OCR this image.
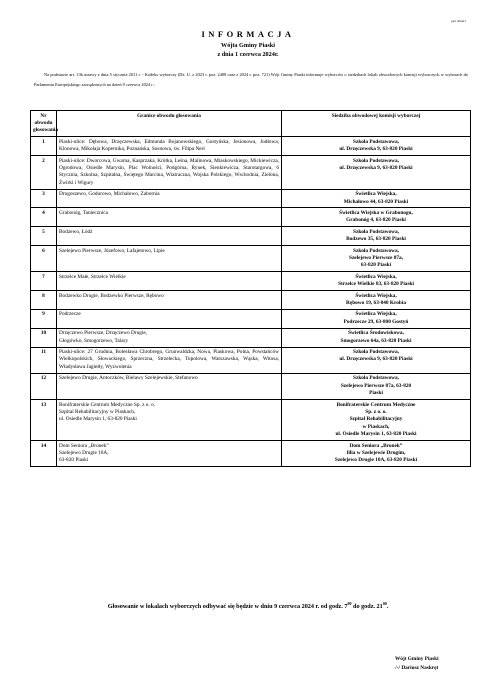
ppr. Posk1
INFORMACJA
Wójta Gminy Piaski
z dnia 1 czerwca 2024r.
Na podstawie art. 13b ustawy z dnia 5 stycznia 2011 r. - Kodeks wyborczy (Dz. U. z 2023 r. poz. 2408 oraz z 2024 r. poz. 721) Wójt Gminy Piaski informuje wyborców o siedzibach lokali obwodowych komisji wyborczych w wyborach do Parlamentu Europejskiego zarządzonych na dzień 9 czerwca 2024 r.:
Nr obwodu głosowania	Granice obwodu głosowania	Siedziba obwodowej komisji wyborczej
1	Piaski-ulice: Dębowa, Drzęczewska, Edmunda Bojanowskiego, Gostyńska, Jesionowa, Jodłowa, Klonowa, Mikołaja Kopernika, Poznańska, Sosnowa, św. Filipa Neri	Szkoła Podstawowa,
ul. Drzęczewska 9, 63-820 Piaski

2	Piaski-ulice: Dworcowa, Gwarna, Kasprzaka, Krótka, Leśna, Malinowa, Miaskowskiego, Mickiewicza, Ogrodowa, Osiedle Marysin, Plac Wolności, Podgórna, Rynek, Sienkiewicza, Starotargowa, 6 Stycznia, Szkolna, Szpitalna, Świętego Marcina, Wiatraczna, Wojska Polskiego, Wschodnia, Zielona, Żwirki i Wigury	Szkoła Podstawowa,
ul. Drzęczewska 9, 63-820 Piaski

3	Drogoszewo, Godurowo, Michałowo, Zabornia	Świetlica Wiejska,
Michałowo 44, 63-820 Piaski

4	Grabonóg, Taniecznica	Świetlica Wiejska w Grabonogu,
Grabonóg 4, 63-820 Piaski

5	Bodzewo, Łódź	Szkoła Podstawowa,
Bodzewo 35, 63-820 Piaski

6	Szelejewo Pierwsze, Józefowo, Lafajetowo, Lipie	Szkoła Podstawowa,
Szelejewo Pierwsze 87a,
63-820 Piaski

7	Strzelce Małe, Strzelce Wielkie	Świetlica Wiejska,
Strzelce Wielkie 83, 63-820 Piaski

8	Bodzewko Drugie, Bodzewko Pierwsze, Rębowo	Świetlica Wiejska,
Rębowo 19, 63-840 Krobia

9	Podrzecze	Świetlica Wiejska,
Podrzecze 29, 63-800 Gostyń

10	Drzęczewo Pierwsze, Drzęczewo Drugie,
Głogówko, Smogorzewo, Talary	Świetlica Środowiskowa,
Smogorzewo 64a, 63-820 Piaski

11	Piaski-ulice: 27 Grudnia, Bolesława Chrobrego, Grunwaldzka, Nowa, Piaskowa, Polna, Powstańców Wielkopolskich, Słowackiego, Sprzeczna, Strzelecka, Topolowa, Warszawska, Wąska, Witosa, Władysława Jagiełły, Wyzwolenia	Szkoła Podstawowa,
ul. Drzęczewska 9, 63-820 Piaski

12	Szelejewo Drugie, Antoczków, Bielawy Szelejewskie, Stefanowo	Szkoła Podstawowa,
Szelejewo Pierwsze 87a, 63-820
Piaski

13	Bonifraterskie Centrum Medyczne Sp. z o. o.
Szpital Rehabilitacyjny w Piaskach,
ul. Osiedle Marysin 1, 63-820 Piaski	Bonifraterskie Centrum Medyczne
Sp. z o. o.
Szpital Rehabilitacyjny
w Piaskach,
ul. Osiedle Marysin 1, 63-820 Piaski

14	Dom Seniora „Bronek”
Szelejewo Drugie 10A,
63-820 Piaski	Dom Seniora „Bronek”
filia w Szelejewie Drugim,
Szelejewo Drugie 10A, 63-820 Piaski
Głosowanie w lokalach wyborczych odbywać się będzie w dniu 9 czerwca 2024 r. od godz. $7^{00}$ do godz. $21^{00}$.
Wójt Gminy Piaski
/-/ Dariusz Naskręt
